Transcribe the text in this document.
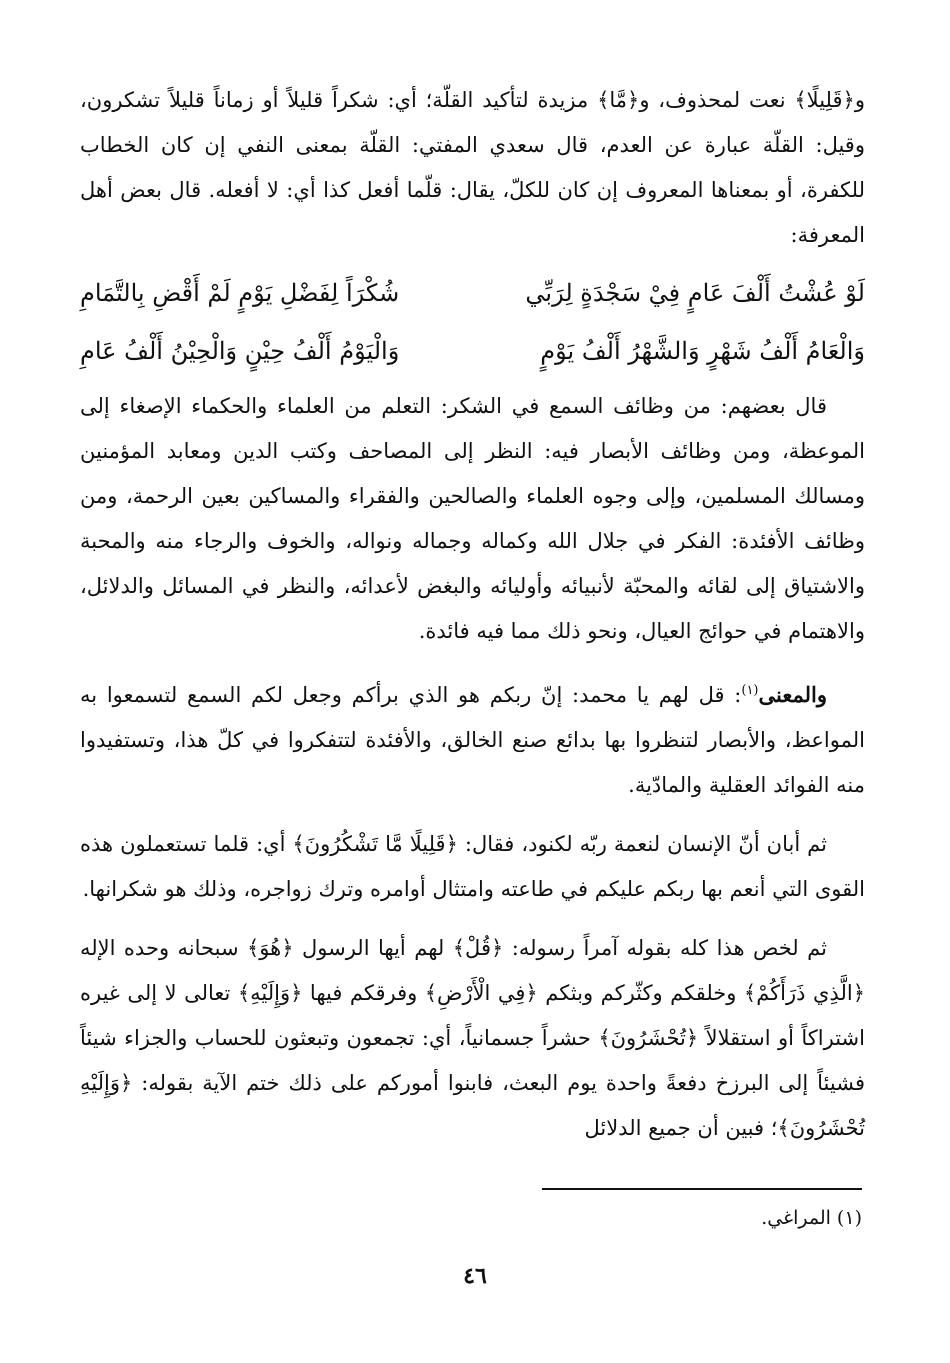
و﴿قَلِيلًا﴾ نعت لمحذوف، و﴿مَّا﴾ مزيدة لتأكيد القلّة؛ أي: شكراً قليلاً أو زماناً قليلاً تشكرون، وقيل: القلّة عبارة عن العدم، قال سعدي المفتي: القلّة بمعنى النفي إن كان الخطاب للكفرة، أو بمعناها المعروف إن كان للكلّ، يقال: قلّما أفعل كذا أي: لا أفعله. قال بعض أهل المعرفة:

لَوْ عُشْتُ أَلْفَ عَامٍ فِيْ سَجْدَةٍ لِرَبِّي
شُكْرَاً لِفَضْلِ يَوْمٍ لَمْ أَقْضِ بِالتَّمَامِ
وَالْعَامُ أَلْفُ شَهْرٍ وَالشَّهْرُ أَلْفُ يَوْمٍ
وَالْيَوْمُ أَلْفُ حِيْنٍ وَالْحِيْنُ أَلْفُ عَامِ

قال بعضهم: من وظائف السمع في الشكر: التعلم من العلماء والحكماء الإصغاء إلى الموعظة، ومن وظائف الأبصار فيه: النظر إلى المصاحف وكتب الدين ومعابد المؤمنين ومسالك المسلمين، وإلى وجوه العلماء والصالحين والفقراء والمساكين بعين الرحمة، ومن وظائف الأفئدة: الفكر في جلال الله وكماله وجماله ونواله، والخوف والرجاء منه والمحبة والاشتياق إلى لقائه والمحبّة لأنبيائه وأوليائه والبغض لأعدائه، والنظر في المسائل والدلائل، والاهتمام في حوائج العيال، ونحو ذلك مما فيه فائدة.

والمعنى$^{(١)}$: قل لهم يا محمد: إنّ ربكم هو الذي برأكم وجعل لكم السمع لتسمعوا به المواعظ، والأبصار لتنظروا بها بدائع صنع الخالق، والأفئدة لتتفكروا في كلّ هذا، وتستفيدوا منه الفوائد العقلية والمادّية.

ثم أبان أنّ الإنسان لنعمة ربّه لكنود، فقال: ﴿قَلِيلًا مَّا تَشْكُرُونَ﴾ أي: قلما تستعملون هذه القوى التي أنعم بها ربكم عليكم في طاعته وامتثال أوامره وترك زواجره، وذلك هو شكرانها.

ثم لخص هذا كله بقوله آمراً رسوله: ﴿قُلْ﴾ لهم أيها الرسول ﴿هُوَ﴾ سبحانه وحده الإله ﴿الَّذِي ذَرَأَكُمْ﴾ وخلقكم وكثّركم وبثكم ﴿فِي الْأَرْضِ﴾ وفرقكم فيها ﴿وَإِلَيْهِ﴾ تعالى لا إلى غيره اشتراكاً أو استقلالاً ﴿تُحْشَرُونَ﴾ حشراً جسمانياً، أي: تجمعون وتبعثون للحساب والجزاء شيئاً فشيئاً إلى البرزخ دفعةً واحدة يوم البعث، فابنوا أموركم على ذلك ختم الآية بقوله: ﴿وَإِلَيْهِ تُحْشَرُونَ﴾؛ فبين أن جميع الدلائل

(١) المراغي.
٤٦
